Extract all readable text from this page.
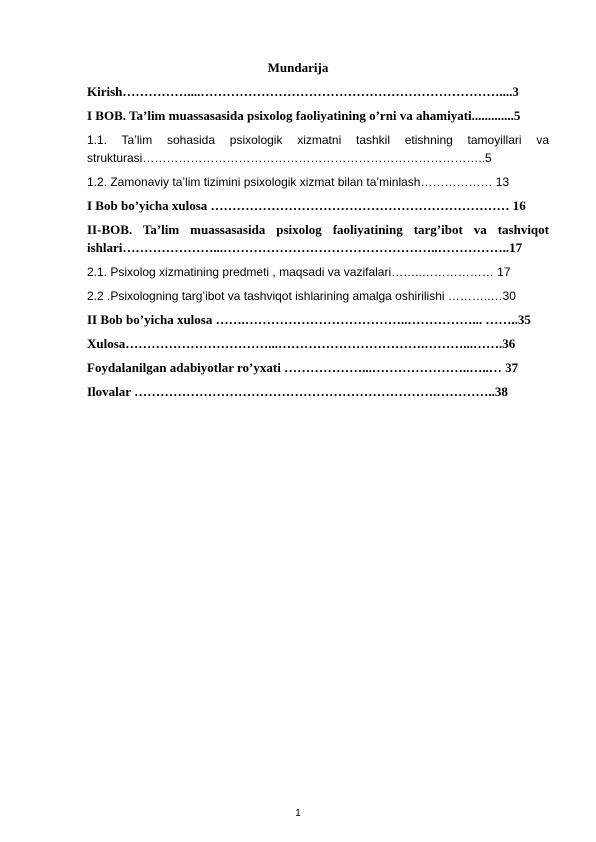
Mundarija

Kirish……………....……………………………………………………………....3

I BOB. Ta’lim muassasasida psixolog faoliyatining o’rni va ahamiyati.............5

1.1. Ta’lim sohasida psixologik xizmatni tashkil etishning tamoyillari va strukturasi…………………………………………………………………………..5

1.2. Zamonaviy ta’lim tizimini psixologik xizmat bilan ta’minlash……………… 13

I Bob bo’yicha xulosa …………………………………………………………… 16

II-BOB. Ta’lim muassasasida psixolog faoliyatining targ’ibot va tashviqot ishlari…………………...…………………………………………..……………..17

2.1. Psixolog xizmatining predmeti , maqsadi va vazifalari……..……………… 17

2.2 .Psixologning targ’ibot va tashviqot ishlarining amalga oshirilishi ………..…30

II Bob bo’yicha xulosa …….………………………………..……………... ……..35

Xulosa……………………………...…………………………….………...…….36

Foydalanilgan adabiyotlar ro’yxati ………………...…………………..…..… 37

Ilovalar …………………………………………………………….…………..38

1
